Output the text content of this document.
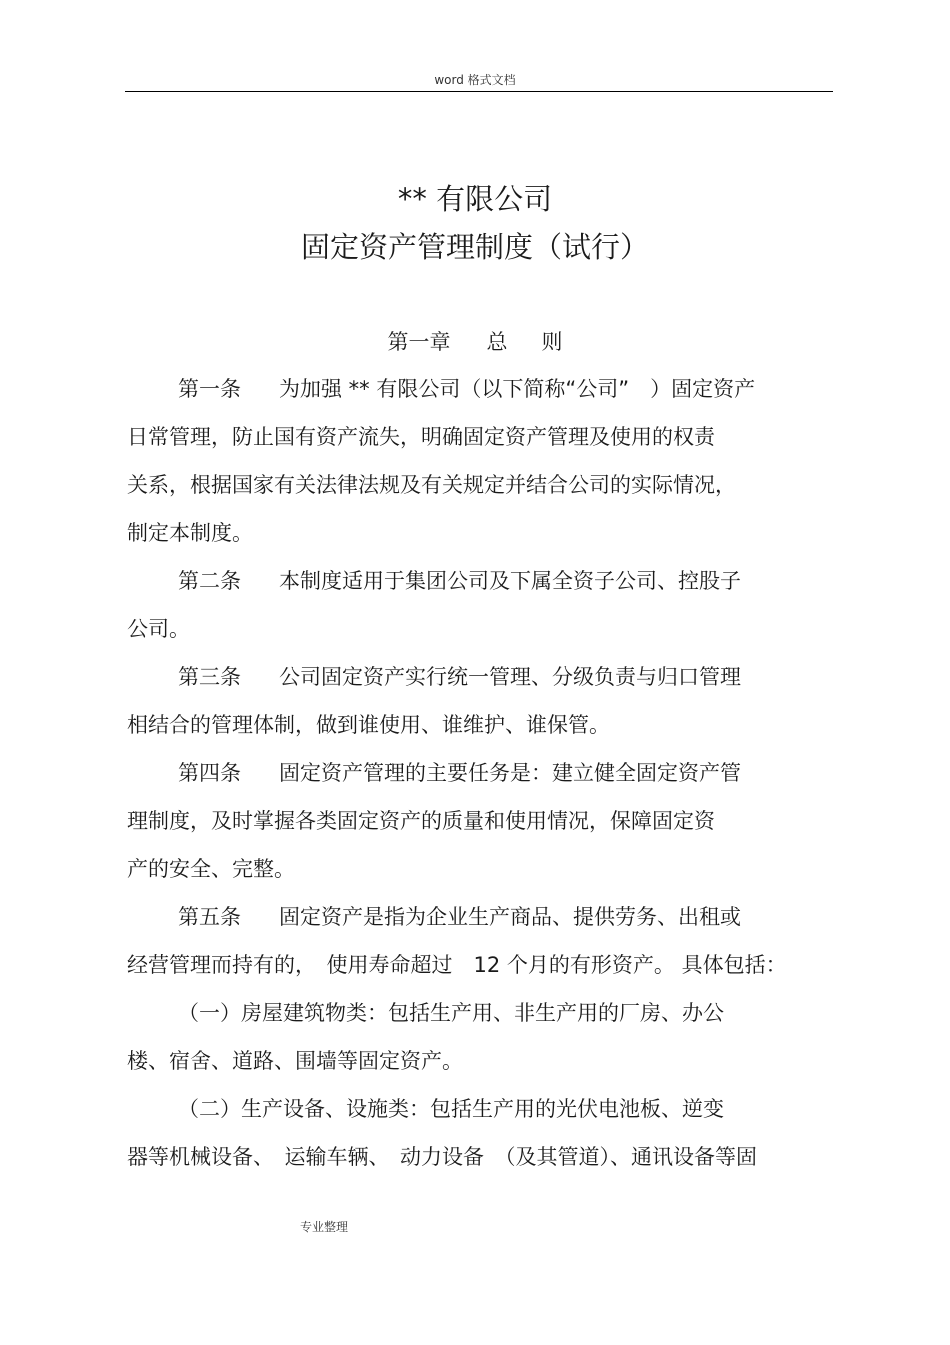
word 格式文档
** 有限公司
固定资产管理制度（试行）
第一章 总 则
第一条 为加强 ** 有限公司（以下简称“公司”　）固定资产
日常管理，防止国有资产流失，明确固定资产管理及使用的权责
关系，根据国家有关法律法规及有关规定并结合公司的实际情况，
制定本制度。
第二条 本制度适用于集团公司及下属全资子公司、控股子
公司。
第三条 公司固定资产实行统一管理、分级负责与归口管理
相结合的管理体制，做到谁使用、谁维护、谁保管。
第四条 固定资产管理的主要任务是：建立健全固定资产管
理制度，及时掌握各类固定资产的质量和使用情况，保障固定资
产的安全、完整。
第五条 固定资产是指为企业生产商品、提供劳务、出租或
经营管理而持有的，　使用寿命超过　12 个月的有形资产。 具体包括：
（一）房屋建筑物类：包括生产用、非生产用的厂房、办公
楼、宿舍、道路、围墙等固定资产。
（二）生产设备、设施类：包括生产用的光伏电池板、逆变
器等机械设备、　运输车辆、　动力设备　（及其管道）、通讯设备等固
专业整理
